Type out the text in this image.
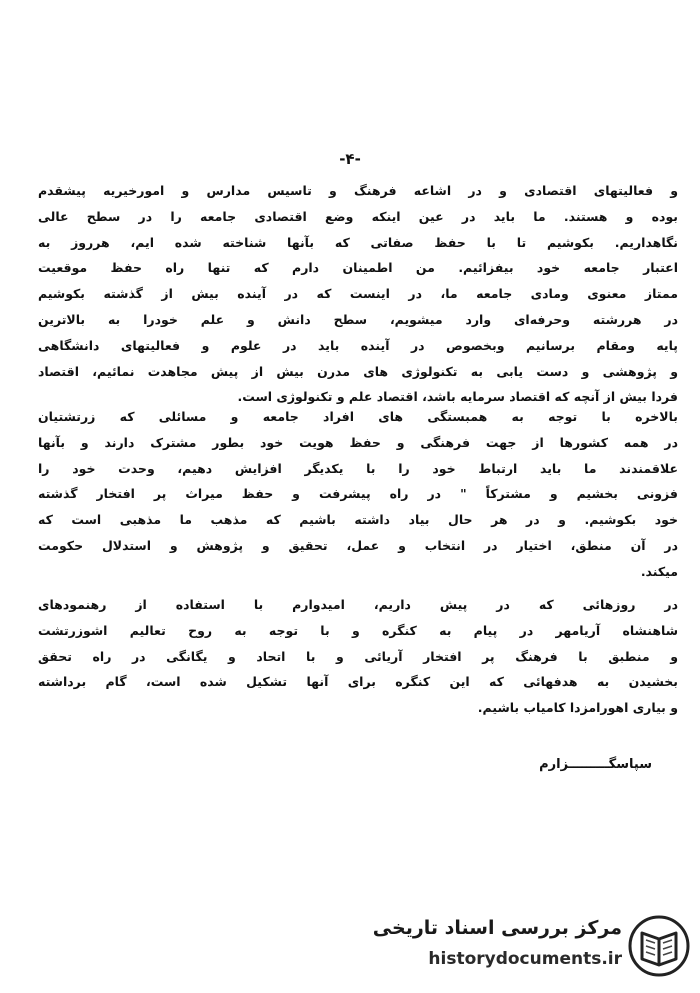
-۴-
و فعالیتهای اقتصادی و در اشاعه فرهنگ و تاسیس مدارس و امورخیریه پیشقدم
بوده و هستند. ما باید در عین اینکه وضع اقتصادی جامعه را در سطح عالی
نگاهداریم. بکوشیم تا با حفظ صفاتی که بآنها شناخته شده ایم، هرروز به
اعتبار جامعه خود بیفزائیم. من اطمینان دارم که تنها راه حفظ موقعیت
ممتاز معنوی ومادی جامعه ما، در اینست که در آینده بیش از گذشته بکوشیم
در هررشته وحرفه‌ای وارد میشویم، سطح دانش و علم خودرا به بالاترین
پایه ومقام برسانیم وبخصوص در آینده باید در علوم و فعالیتهای دانشگاهی
و پژوهشی و دست یابی به تکنولوژی های مدرن بیش از پیش مجاهدت نمائیم، اقتصاد
فردا بیش از آنچه که اقتصاد سرمایه باشد، اقتصاد علم و تکنولوژی است.
بالاخره با توجه به همبستگی های افراد جامعه و مسائلی که زرتشتیان
در همه کشورها از جهت فرهنگی و حفظ هویت خود بطور مشترک دارند و بآنها
علاقمندند ما باید ارتباط خود را با یکدیگر افزایش دهیم، وحدت خود را
فزونی بخشیم و مشترکاً " در راه پیشرفت و حفظ میراث پر افتخار گذشته
خود بکوشیم. و در هر حال بیاد داشته باشیم که مذهب ما مذهبی است که
در آن منطق، اختیار در انتخاب و عمل، تحقیق و پژوهش و استدلال حکومت
میکند.
در روزهائی که در پیش داریم، امیدوارم با استفاده از رهنمودهای
شاهنشاه آریامهر در پیام به کنگره و با توجه به روح تعالیم اشوزرتشت
و منطبق با فرهنگ پر افتخار آریائی و با اتحاد و یگانگی در راه تحقق
بخشیدن به هدفهائی که این کنگره برای آنها تشکیل شده است، گام برداشته
و بیاری اهورامزدا کامیاب باشیم.
سپاسگـــــــــزارم
مرکز بررسی اسناد تاریخی
historydocuments.ir
